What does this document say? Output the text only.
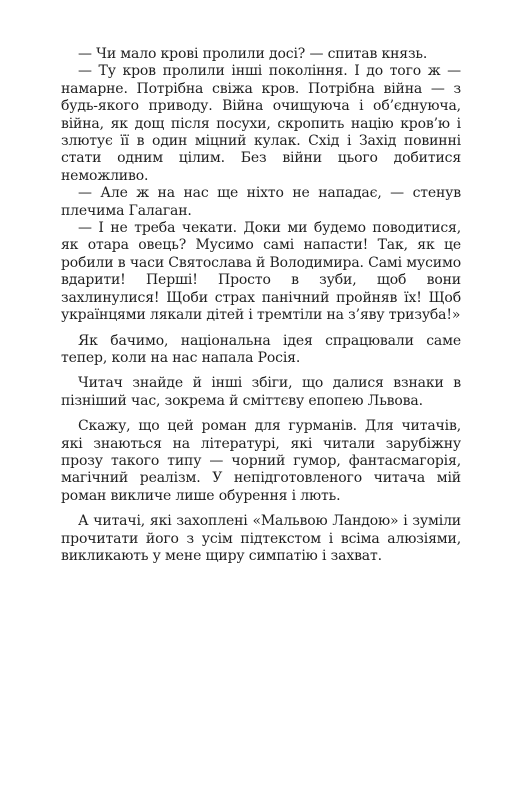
— Чи мало крові пролили досі? — спитав князь.

— Ту кров пролили інші покоління. І до того ж — намарне. Потрібна свіжа кров. Потрібна війна — з будь-якого приводу. Війна очищуюча і об’єднуюча, війна, як дощ після посухи, скропить націю кров’ю і злютує її в один міцний кулак. Схід і Захід повинні стати одним цілим. Без війни цього добитися неможливо.

— Але ж на нас ще ніхто не нападає, — стенув плечима Галаган.

— І не треба чекати. Доки ми будемо поводитися, як отара овець? Мусимо самі напасти! Так, як це робили в часи Святослава й Володимира. Самі мусимо вдарити! Перші! Просто в зуби, щоб вони захлинулися! Щоби страх панічний пройняв їх! Щоб українцями лякали дітей і тремтіли на з’яву тризуба!»

Як бачимо, національна ідея спрацювали саме тепер, коли на нас напала Росія.

Читач знайде й інші збіги, що далися взнаки в пізніший час, зокрема й сміттєву епопею Львова.

Скажу, що цей роман для гурманів. Для читачів, які знаються на літературі, які читали зарубіжну прозу такого типу — чорний гумор, фантасмагорія, магічний реалізм. У непідготовленого читача мій роман викличе лише обурення і лють.

А читачі, які захоплені «Мальвою Ландою» і зуміли прочитати його з усім підтекстом і всіма алюзіями, викликають у мене щиру симпатію і захват.
